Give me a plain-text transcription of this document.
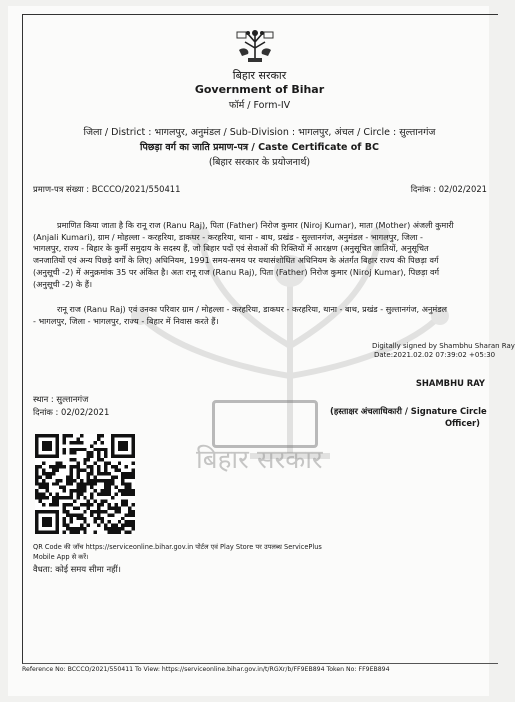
बिहार सरकार
बिहार सरकार
Government of Bihar
फॉर्म / Form-IV
जिला / District : भागलपुर, अनुमंडल / Sub-Division : भागलपुर, अंचल / Circle : सुल्तानगंज
पिछड़ा वर्ग का जाति प्रमाण-पत्र / Caste Certificate of BC
(बिहार सरकार के प्रयोजनार्थ)
प्रमाण-पत्र संख्या : BCCCO/2021/550411	दिनांक : 02/02/2021
प्रमाणित किया जाता है कि रानू राज (Ranu Raj), पिता (Father) निरोज कुमार (Niroj Kumar), माता (Mother) अंजली कुमारी
(Anjali Kumari), ग्राम / मोहल्ला - करहरिया, डाकघर - करहरिया, थाना - बाथ, प्रखंड - सुल्तानगंज, अनुमंडल - भागलपुर, जिला -
भागलपुर, राज्य - बिहार के कुर्मी समुदाय के सदस्य हैं, जो बिहार पदों एवं सेवाओं की रिक्तियों में आरक्षण (अनुसूचित जातियों, अनुसूचित
जनजातियों एवं अन्य पिछड़े वर्गों के लिए) अधिनियम, 1991 समय-समय पर यथासंशोधित अधिनियम के अंतर्गत बिहार राज्य की पिछड़ा वर्ग
(अनुसूची -2) में अनुक्रमांक 35 पर अंकित है। अतः रानू राज (Ranu Raj), पिता (Father) निरोज कुमार (Niroj Kumar), पिछड़ा वर्ग
(अनुसूची -2) के हैं।
रानू राज (Ranu Raj) एवं उनका परिवार ग्राम / मोहल्ला - करहरिया, डाकघर - करहरिया, थाना - बाथ, प्रखंड - सुल्तानगंज, अनुमंडल
- भागलपुर, जिला - भागलपुर, राज्य - बिहार में निवास करते हैं।
Digitally signed by Shambhu Sharan Ray
Date:2021.02.02 07:39:02 +05:30
SHAMBHU RAY
स्थान : सुल्तानगंज
दिनांक : 02/02/2021	(हस्ताक्षर अंचलाधिकारी / Signature Circle
Officer)
QR Code की जाँच https://serviceonline.bihar.gov.in पोर्टल एवं Play Store पर उपलब्ध ServicePlus
Mobile App से करें।
वैधता: कोई समय सीमा नहीं।
Reference No: BCCCO/2021/550411 To View: https://serviceonline.bihar.gov.in/t/RGXr/b/FF9EB894 Token No: FF9EB894
